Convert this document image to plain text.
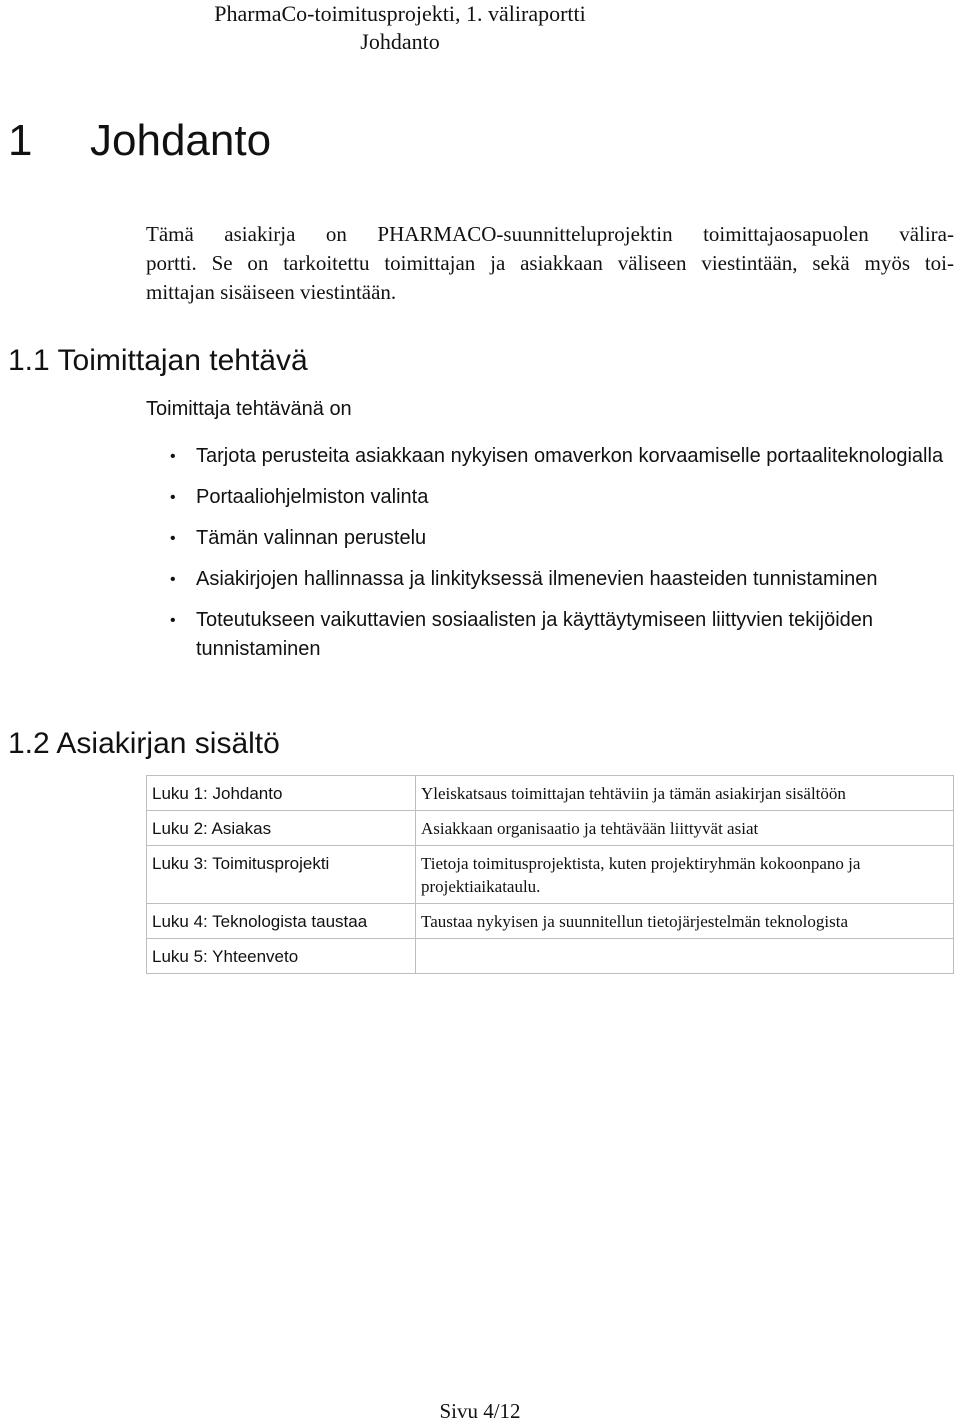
PharmaCo-toimitusprojekti, 1. väliraportti
Johdanto
1 Johdanto
Tämä asiakirja on PHARMACO-suunnitteluprojektin toimittajaosapuolen välira-
portti. Se on tarkoitettu toimittajan ja asiakkaan väliseen viestintään, sekä myös toi-
mittajan sisäiseen viestintään.
1.1 Toimittajan tehtävä
Toimittaja tehtävänä on
• Tarjota perusteita asiakkaan nykyisen omaverkon korvaamiselle portaaliteknologialla
• Portaaliohjelmiston valinta
• Tämän valinnan perustelu
• Asiakirjojen hallinnassa ja linkityksessä ilmenevien haasteiden tunnistaminen
• Toteutukseen vaikuttavien sosiaalisten ja käyttäytymiseen liittyvien tekijöiden tunnistaminen
1.2 Asiakirjan sisältö
Luku 1: Johdanto	Yleiskatsaus toimittajan tehtäviin ja tämän asiakirjan sisältöön
Luku 2: Asiakas	Asiakkaan organisaatio ja tehtävään liittyvät asiat
Luku 3: Toimitusprojekti	Tietoja toimitusprojektista, kuten projektiryhmän kokoonpano ja projektiaikataulu.
Luku 4: Teknologista taustaa	Taustaa nykyisen ja suunnitellun tietojärjestelmän teknologista
Luku 5: Yhteenveto	
Sivu 4/12
